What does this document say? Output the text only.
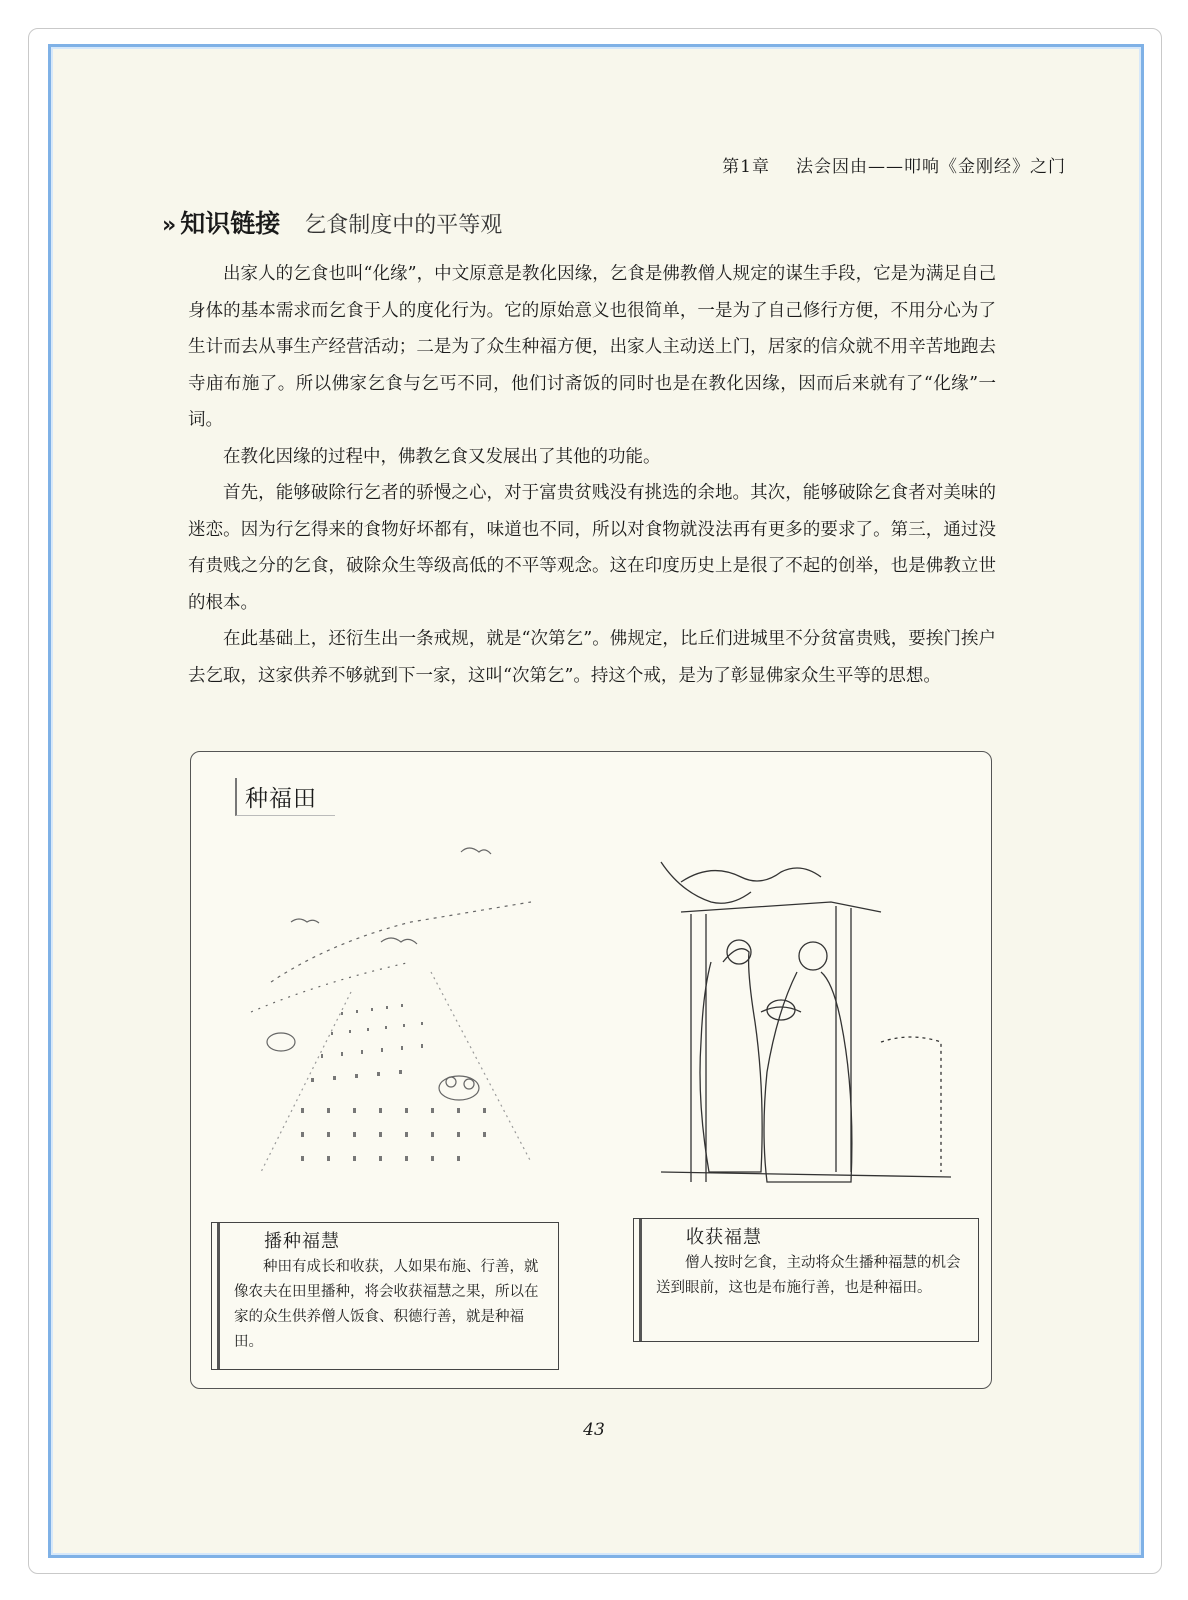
第1章 法会因由——叩响《金刚经》之门
» 知识链接 乞食制度中的平等观

出家人的乞食也叫“化缘”，中文原意是教化因缘，乞食是佛教僧人规定的谋生手段，它是为满足自己身体的基本需求而乞食于人的度化行为。它的原始意义也很简单，一是为了自己修行方便，不用分心为了生计而去从事生产经营活动；二是为了众生种福方便，出家人主动送上门，居家的信众就不用辛苦地跑去寺庙布施了。所以佛家乞食与乞丐不同，他们讨斋饭的同时也是在教化因缘，因而后来就有了“化缘”一词。

在教化因缘的过程中，佛教乞食又发展出了其他的功能。

首先，能够破除行乞者的骄慢之心，对于富贵贫贱没有挑选的余地。其次，能够破除乞食者对美味的迷恋。因为行乞得来的食物好坏都有，味道也不同，所以对食物就没法再有更多的要求了。第三，通过没有贵贱之分的乞食，破除众生等级高低的不平等观念。这在印度历史上是很了不起的创举，也是佛教立世的根本。

在此基础上，还衍生出一条戒规，就是“次第乞”。佛规定，比丘们进城里不分贫富贵贱，要挨门挨户去乞取，这家供养不够就到下一家，这叫“次第乞”。持这个戒，是为了彰显佛家众生平等的思想。

种福田
播种福慧
种田有成长和收获，人如果布施、行善，就像农夫在田里播种，将会收获福慧之果，所以在家的众生供养僧人饭食、积德行善，就是种福田。
收获福慧
僧人按时乞食，主动将众生播种福慧的机会送到眼前，这也是布施行善，也是种福田。
43
